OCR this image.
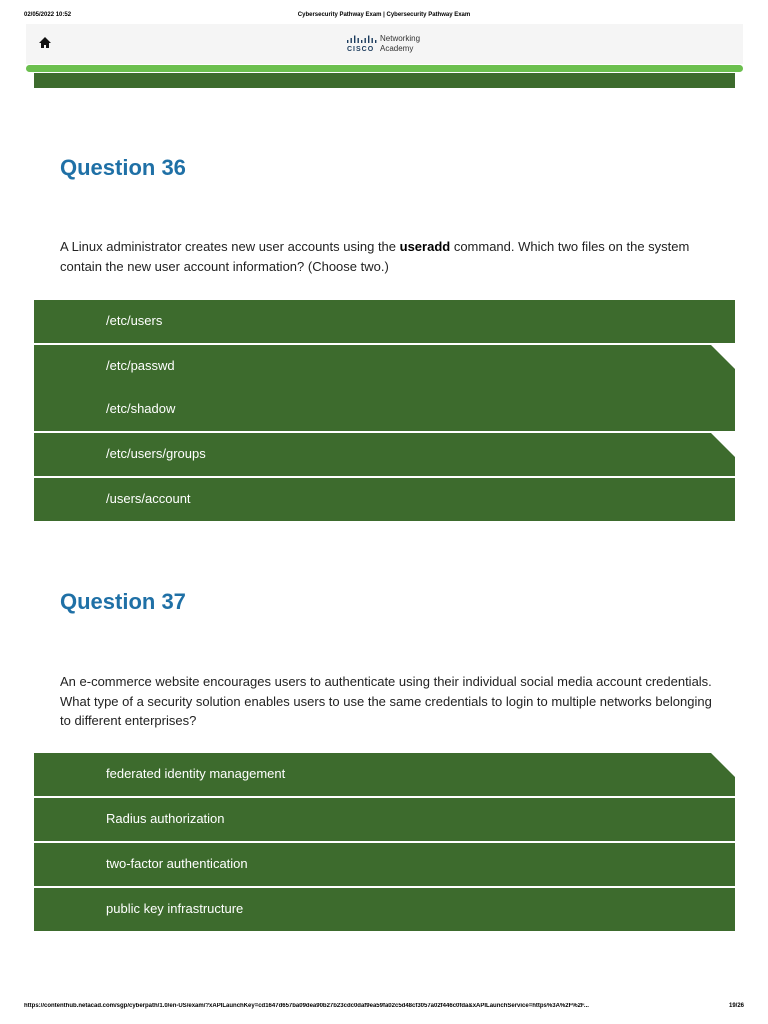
02/05/2022 10:52	Cybersecurity Pathway Exam | Cybersecurity Pathway Exam
CISCO
Networking
Academy
Question 36
A Linux administrator creates new user accounts using the useradd command. Which two files on the system contain the new user account information? (Choose two.)
/etc/users
/etc/passwd
/etc/shadow
/etc/users/groups
/users/account
Question 37
An e-commerce website encourages users to authenticate using their individual social media account credentials. What type of a security solution enables users to use the same credentials to login to multiple networks belonging to different enterprises?
federated identity management
Radius authorization
two-factor authentication
public key infrastructure
https://contenthub.netacad.com/sgp/cyberpath/1.0/en-US/exam/?xAPILaunchKey=cd1647d657ba09dea90b27b23cdc0daf9ea59fa02c5d48cf3057a02f446c0fda&xAPILaunchService=https%3A%2F%2F...	19/26
